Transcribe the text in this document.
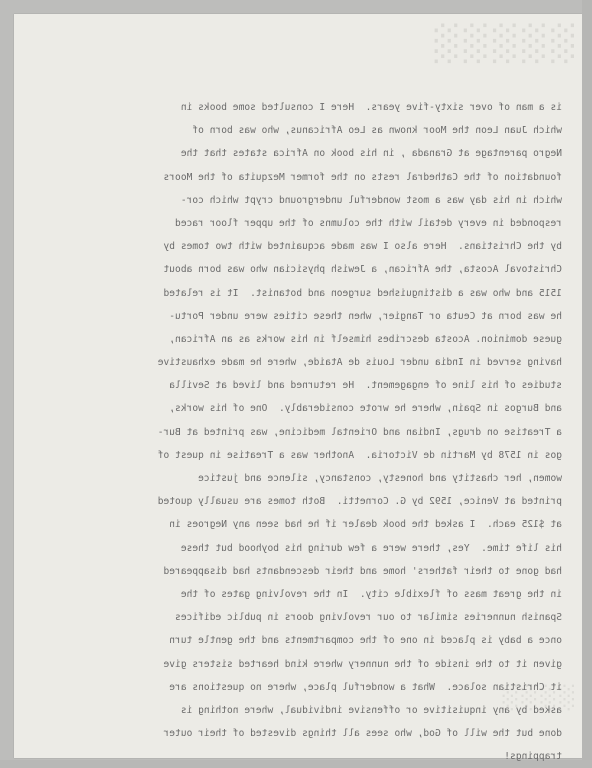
░░░░░
░░░░
is a man of over sixty-five years.  Here I consulted some books in
which Juan Leon the Moor known as Leo Africanus, who was born of
Negro parentage at Granada , in his book on Africa states that the
foundation of the Cathedral rests on the former Mezquita of the Moors
which in his day was a most wonderful underground crypt which cor-
responded in every detail with the columns of the upper floor raced
by the Christians.  Here also I was made acquainted with two tomes by
Christoval Acosta, the African, a Jewish physician who was born about
1515 and who was a distinguished surgeon and botanist.  It is related
he was born at Ceuta or Tangier, when these cities were under Portu-
guese dominion. Acosta describes himself in his works as an African,
having served in India under Louis de Ataide, where he made exhaustive
studies of his line of engagement.  He returned and lived at Sevilla
and Burgos in Spain, where he wrote considerably.  One of his works,
a Treatise on drugs, Indian and Oriental medicine, was printed at Bur-
gos in 1578 by Martin de Victoria.  Another was a Treatise in quest of
women, her chastity and honesty, constancy, silence and justice
printed at Venice, 1592 by G. Cornetti.  Both tomes are usually quoted
at $125 each.  I asked the book dealer if he had seen any Negroes in
his life time.  Yes, there were a few during his boyhood but these
had gone to their fathers' home and their descendants had disappeared
in the great mass of flexible city.  In the revolving gates of the
Spanish nunneries similar to our revolving doors in public edifices
once a baby is placed in one of the compartments and the gentle turn
given it to the inside of the nunnery where kind hearted sisters give
it Christian solace.  What a wonderful place, where no questions are
asked by any inquisitive or offensive individual, where nothing is
done but the will of God, who sees all things divested of their outer
trappings!
